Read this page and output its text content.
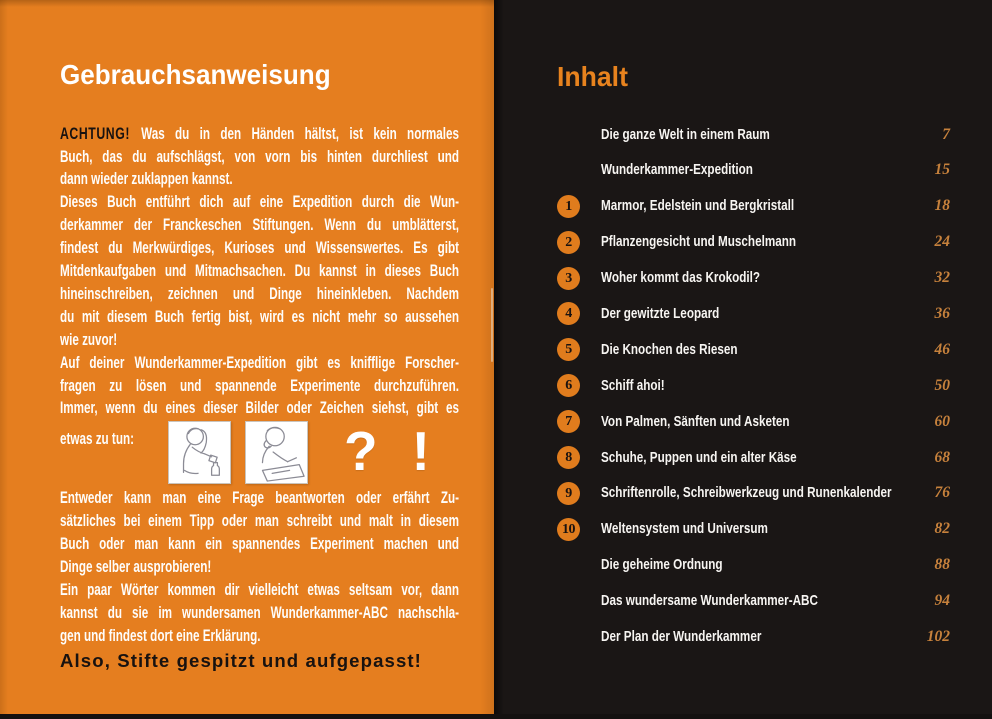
Gebrauchsanweisung
ACHTUNG! Was du in den Händen hältst, ist kein normales
Buch, das du aufschlägst, von vorn bis hinten durchliest und
dann wieder zuklappen kannst.
Dieses Buch entführt dich auf eine Expedition durch die Wun-
derkammer der Franckeschen Stiftungen. Wenn du umblätterst,
findest du Merkwürdiges, Kurioses und Wissenswertes. Es gibt
Mitdenkaufgaben und Mitmachsachen. Du kannst in dieses Buch
hineinschreiben, zeichnen und Dinge hineinkleben. Nachdem
du mit diesem Buch fertig bist, wird es nicht mehr so aussehen
wie zuvor!
Auf deiner Wunderkammer-Expedition gibt es knifflige Forscher-
fragen zu lösen und spannende Experimente durchzuführen.
Immer, wenn du eines dieser Bilder oder Zeichen siehst, gibt es
etwas zu tun:	? !
Entweder kann man eine Frage beantworten oder erfährt Zu-
sätzliches bei einem Tipp oder man schreibt und malt in diesem
Buch oder man kann ein spannendes Experiment machen und
Dinge selber ausprobieren!
Ein paar Wörter kommen dir vielleicht etwas seltsam vor, dann
kannst du sie im wundersamen Wunderkammer-ABC nachschla-
gen und findest dort eine Erklärung.
Also, Stifte gespitzt und aufgepasst!
Inhalt
Die ganze Welt in einem Raum	7
Wunderkammer-Expedition	15
1	Marmor, Edelstein und Bergkristall	18
2	Pflanzengesicht und Muschelmann	24
3	Woher kommt das Krokodil?	32
4	Der gewitzte Leopard	36
5	Die Knochen des Riesen	46
6	Schiff ahoi!	50
7	Von Palmen, Sänften und Asketen	60
8	Schuhe, Puppen und ein alter Käse	68
9	Schriftenrolle, Schreibwerkzeug und Runenkalender	76
10	Weltensystem und Universum	82
Die geheime Ordnung	88
Das wundersame Wunderkammer-ABC	94
Der Plan der Wunderkammer	102
